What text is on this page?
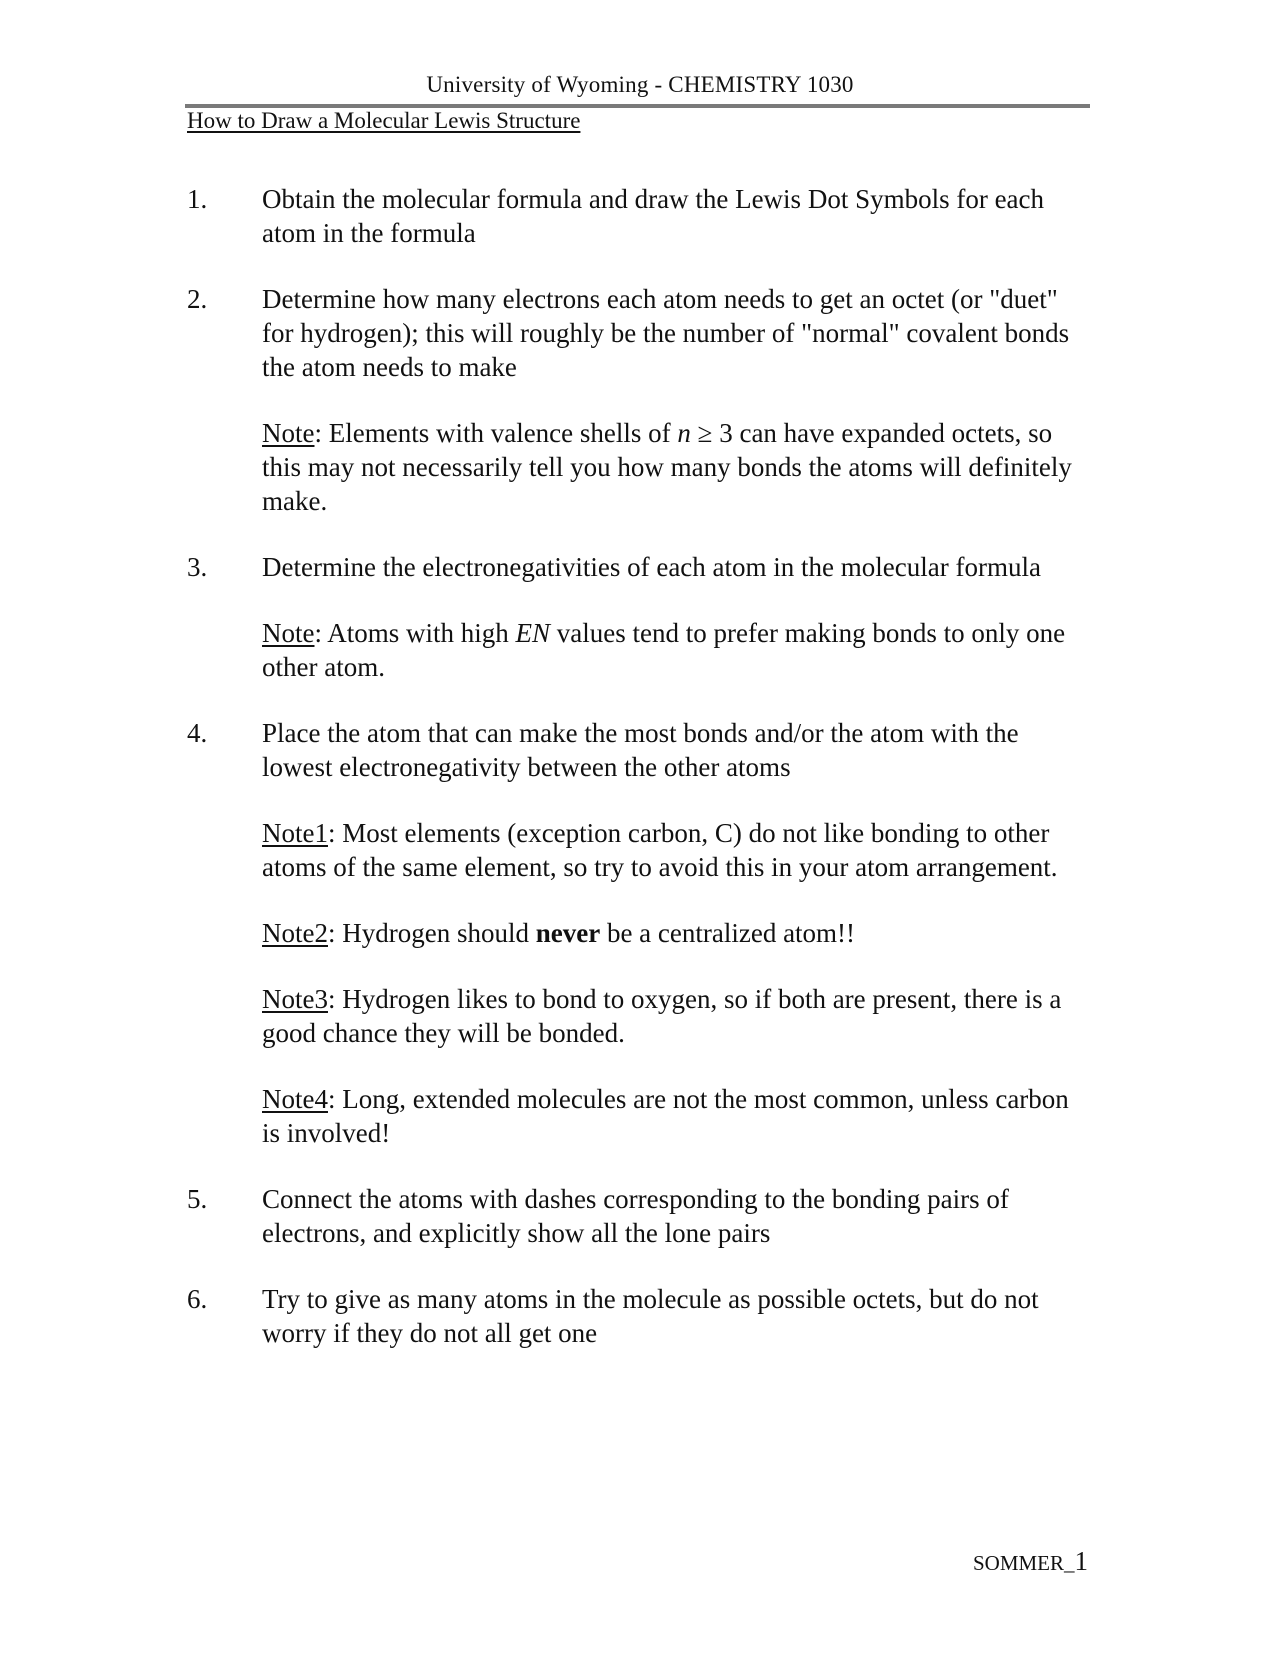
University of Wyoming - CHEMISTRY 1030
How to Draw a Molecular Lewis Structure
1. Obtain the molecular formula and draw the Lewis Dot Symbols for each atom in the formula
2. Determine how many electrons each atom needs to get an octet (or "duet" for hydrogen); this will roughly be the number of "normal" covalent bonds the atom needs to make
Note: Elements with valence shells of n ≥ 3 can have expanded octets, so this may not necessarily tell you how many bonds the atoms will definitely make.
3. Determine the electronegativities of each atom in the molecular formula
Note: Atoms with high EN values tend to prefer making bonds to only one other atom.
4. Place the atom that can make the most bonds and/or the atom with the lowest electronegativity between the other atoms
Note1: Most elements (exception carbon, C) do not like bonding to other atoms of the same element, so try to avoid this in your atom arrangement.
Note2: Hydrogen should never be a centralized atom!!
Note3: Hydrogen likes to bond to oxygen, so if both are present, there is a good chance they will be bonded.
Note4: Long, extended molecules are not the most common, unless carbon is involved!
5. Connect the atoms with dashes corresponding to the bonding pairs of electrons, and explicitly show all the lone pairs
6. Try to give as many atoms in the molecule as possible octets, but do not worry if they do not all get one
SOMMER_1
